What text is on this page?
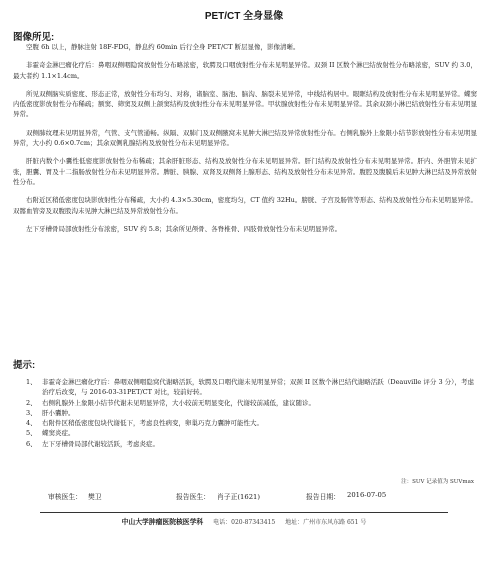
PET/CT 全身显像
图像所见:

空腹 6h 以上，静脉注射 18F-FDG，静息约 60min 后行全身 PET/CT 断层显像，影像清晰。

非霍奇金淋巴瘤化疗后：鼻咽双侧咽隐窝放射性分布略浓密，软腭及口咽放射性分布未见明显异常。双颈 II 区数个淋巴结放射性分布略浓密，SUV 约 3.0，最大者约 1.1×1.4cm。

所见双侧脑实质密度、形态正常，放射性分布均匀、对称，诸脑室、脑池、脑沟、脑裂未见异常，中线结构居中。眼眶结构及放射性分布未见明显异常。蝶窦内低密度影放射性分布稀疏；额窦、筛窦及双侧上颌窦结构及放射性分布未见明显异常。甲状腺放射性分布未见明显异常。其余双颈小淋巴结放射性分布未见明显异常。

双侧肺纹理未见明显异常，气管、支气管通畅。纵隔、双肺门及双侧腋窝未见肿大淋巴结及异常放射性分布。右侧乳腺外上象限小结节影放射性分布未见明显异常，大小约 0.6×0.7cm；其余双侧乳腺结构及放射性分布未见明显异常。

肝脏内数个小囊性低密度影放射性分布稀疏；其余肝脏形态、结构及放射性分布未见明显异常。肝门结构及放射性分布未见明显异常。肝内、外胆管未见扩张，胆囊、胃及十二指肠放射性分布未见明显异常。脾脏、胰腺、双肾及双侧肾上腺形态、结构及放射性分布未见异常。腹腔及腹膜后未见肿大淋巴结及异常放射性分布。

右附近区稍低密度包块影放射性分布稀疏，大小约 4.3×5.30cm，密度均匀，CT 值约 32Hu。膀胱、子宫及肠管等形态、结构及放射性分布未见明显异常。双髂血管旁及双腹股沟未见肿大淋巴结及异常放射性分布。

左下牙槽骨局部放射性分布浓密，SUV 约 5.8；其余所见颅骨、各脊椎骨、四肢骨放射性分布未见明显异常。

提示:
1、 非霍奇金淋巴瘤化疗后：鼻咽双侧咽隐窝代谢略活跃，软腭及口咽代谢未见明显异常；双颈 II 区数个淋巴结代谢略活跃（Deauville 评分 3 分），考虑治疗后改变，与 2016-03-31PET/CT 对比，较前好转。
2、 右侧乳腺外上象限小结节代谢未见明显异常，大小较前无明显变化，代谢较前减低，建议随诊。
3、 肝小囊肿。
4、 右附件区稍低密度包块代谢低下，考虑良性病变，卵巢巧克力囊肿可能性大。
5、 蝶窦炎症。
6、 左下牙槽骨局部代谢较活跃，考虑炎症。
注：SUV 记录值为 SUVmax
审核医生： 樊卫	报告医生： 肖子正(1621)	报告日期： 2016-07-05
中山大学肿瘤医院核医学科 电话：020-87343415 地址：广州市东风东路 651 号
